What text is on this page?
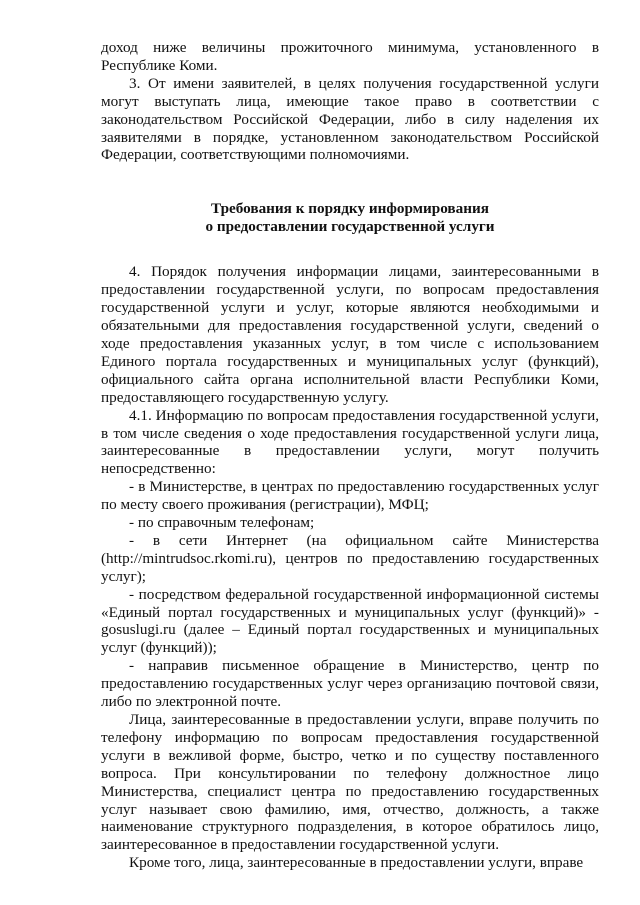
доход ниже величины прожиточного минимума, установленного в Республике Коми.

3. От имени заявителей, в целях получения государственной услуги могут выступать лица, имеющие такое право в соответствии с законодательством Российской Федерации, либо в силу наделения их заявителями в порядке, установленном законодательством Российской Федерации, соответствующими полномочиями.

Требования к порядку информирования
о предоставлении государственной услуги

4. Порядок получения информации лицами, заинтересованными в предоставлении государственной услуги, по вопросам предоставления государственной услуги и услуг, которые являются необходимыми и обязательными для предоставления государственной услуги, сведений о ходе предоставления указанных услуг, в том числе с использованием Единого портала государственных и муниципальных услуг (функций), официального сайта органа исполнительной власти Республики Коми, предоставляющего государственную услугу.

4.1. Информацию по вопросам предоставления государственной услуги, в том числе сведения о ходе предоставления государственной услуги лица, заинтересованные в предоставлении услуги, могут получить непосредственно:

- в Министерстве, в центрах по предоставлению государственных услуг по месту своего проживания (регистрации), МФЦ;

- по справочным телефонам;

- в сети Интернет (на официальном сайте Министерства (http://mintrudsoc.rkomi.ru), центров по предоставлению государственных услуг);

- посредством федеральной государственной информационной системы «Единый портал государственных и муниципальных услуг (функций)» - gosuslugi.ru (далее – Единый портал государственных и муниципальных услуг (функций));

- направив письменное обращение в Министерство, центр по предоставлению государственных услуг через организацию почтовой связи, либо по электронной почте.

Лица, заинтересованные в предоставлении услуги, вправе получить по телефону информацию по вопросам предоставления государственной услуги в вежливой форме, быстро, четко и по существу поставленного вопроса. При консультировании по телефону должностное лицо Министерства, специалист центра по предоставлению государственных услуг называет свою фамилию, имя, отчество, должность, а также наименование структурного подразделения, в которое обратилось лицо, заинтересованное в предоставлении государственной услуги.

Кроме того, лица, заинтересованные в предоставлении услуги, вправе
